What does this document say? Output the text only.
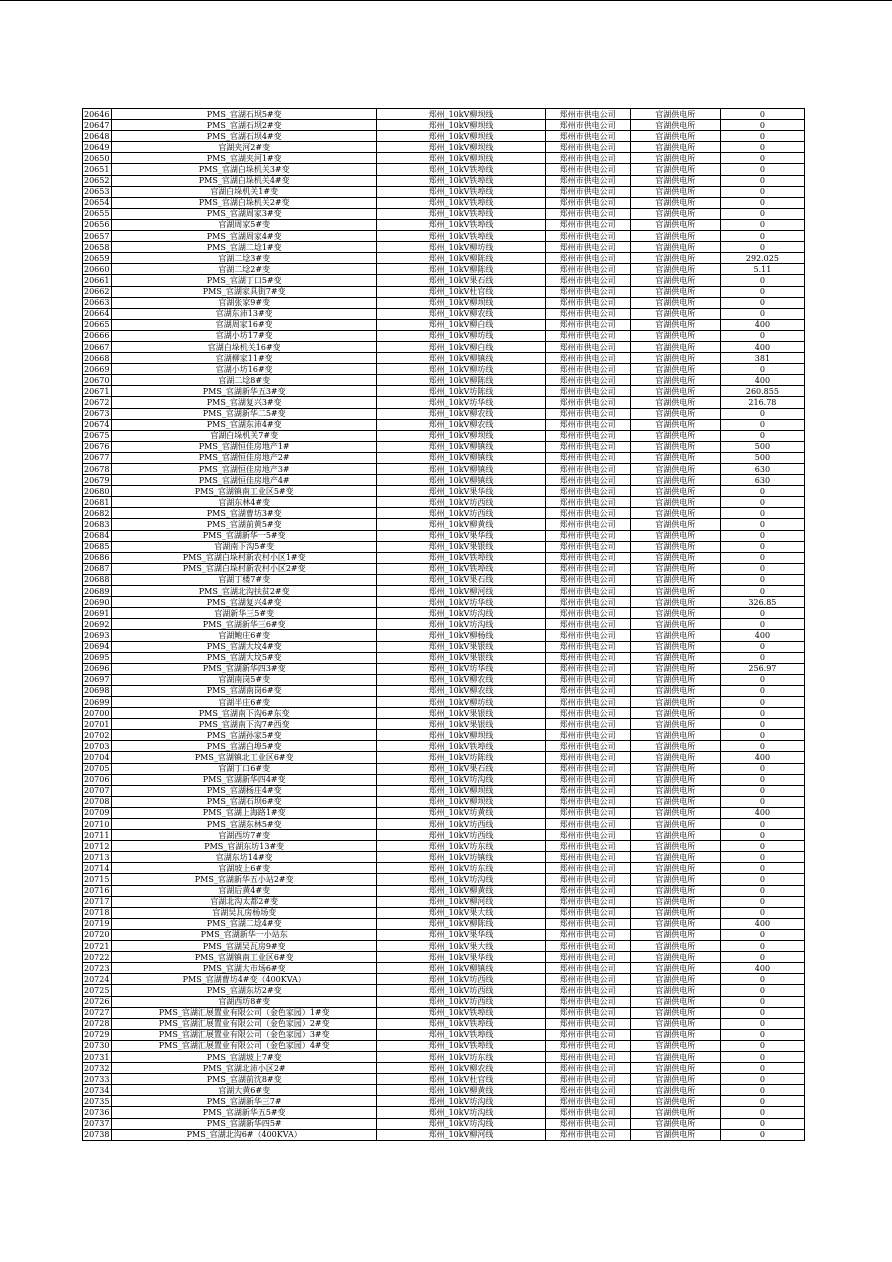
20646	PMS_官湖石坝5#变	郑州_10kV柳坝线	郑州市供电公司	官湖供电所	0
20647	PMS_官湖石坝2#变	郑州_10kV柳坝线	郑州市供电公司	官湖供电所	0
20648	PMS_官湖石坝4#变	郑州_10kV柳坝线	郑州市供电公司	官湖供电所	0
20649	官湖夹河2#变	郑州_10kV柳坝线	郑州市供电公司	官湖供电所	0
20650	PMS_官湖夹河1#变	郑州_10kV柳坝线	郑州市供电公司	官湖供电所	0
20651	PMS_官湖白垛机关3#变	郑州_10kV铁埠线	郑州市供电公司	官湖供电所	0
20652	PMS_官湖白垛机关4#变	郑州_10kV铁埠线	郑州市供电公司	官湖供电所	0
20653	官湖白垛机关1#变	郑州_10kV铁埠线	郑州市供电公司	官湖供电所	0
20654	PMS_官湖白垛机关2#变	郑州_10kV铁埠线	郑州市供电公司	官湖供电所	0
20655	PMS_官湖周家3#变	郑州_10kV铁埠线	郑州市供电公司	官湖供电所	0
20656	官湖周家5#变	郑州_10kV铁埠线	郑州市供电公司	官湖供电所	0
20657	PMS_官湖周家4#变	郑州_10kV铁埠线	郑州市供电公司	官湖供电所	0
20658	PMS_官湖二埝1#变	郑州_10kV柳坊线	郑州市供电公司	官湖供电所	0
20659	官湖二埝3#变	郑州_10kV柳陈线	郑州市供电公司	官湖供电所	292.025
20660	官湖二埝2#变	郑州_10kV柳陈线	郑州市供电公司	官湖供电所	5.11
20661	PMS_官湖丁口5#变	郑州_10kV果石线	郑州市供电公司	官湖供电所	0
20662	PMS_官湖家具街7#变	郑州_10kV杜官线	郑州市供电公司	官湖供电所	0
20663	官湖张家9#变	郑州_10kV柳坝线	郑州市供电公司	官湖供电所	0
20664	官湖东沛13#变	郑州_10kV柳农线	郑州市供电公司	官湖供电所	0
20665	官湖周家16#变	郑州_10kV柳白线	郑州市供电公司	官湖供电所	400
20666	官湖小坊17#变	郑州_10kV柳坊线	郑州市供电公司	官湖供电所	0
20667	官湖白垛机关16#变	郑州_10kV柳白线	郑州市供电公司	官湖供电所	400
20668	官湖柳家11#变	郑州_10kV柳镇线	郑州市供电公司	官湖供电所	381
20669	官湖小坊16#变	郑州_10kV柳坊线	郑州市供电公司	官湖供电所	0
20670	官湖二埝8#变	郑州_10kV柳陈线	郑州市供电公司	官湖供电所	400
20671	PMS_官湖新华五3#变	郑州_10kV坊陈线	郑州市供电公司	官湖供电所	260.855
20672	PMS_官湖复兴3#变	郑州_10kV坊华线	郑州市供电公司	官湖供电所	216.78
20673	PMS_官湖新华二5#变	郑州_10kV柳农线	郑州市供电公司	官湖供电所	0
20674	PMS_官湖东沛4#变	郑州_10kV柳农线	郑州市供电公司	官湖供电所	0
20675	官湖白垛机关7#变	郑州_10kV柳坝线	郑州市供电公司	官湖供电所	0
20676	PMS_官湖恒佳房地产1#	郑州_10kV柳镇线	郑州市供电公司	官湖供电所	500
20677	PMS_官湖恒佳房地产2#	郑州_10kV柳镇线	郑州市供电公司	官湖供电所	500
20678	PMS_官湖恒佳房地产3#	郑州_10kV柳镇线	郑州市供电公司	官湖供电所	630
20679	PMS_官湖恒佳房地产4#	郑州_10kV柳镇线	郑州市供电公司	官湖供电所	630
20680	PMS_官湖镇南工业区5#变	郑州_10kV果华线	郑州市供电公司	官湖供电所	0
20681	官湖东林4#变	郑州_10kV坊西线	郑州市供电公司	官湖供电所	0
20682	PMS_官湖曹坊3#变	郑州_10kV坊西线	郑州市供电公司	官湖供电所	0
20683	PMS_官湖前黄5#变	郑州_10kV柳黄线	郑州市供电公司	官湖供电所	0
20684	PMS_官湖新华一5#变	郑州_10kV果华线	郑州市供电公司	官湖供电所	0
20685	官湖南下沟5#变	郑州_10kV果银线	郑州市供电公司	官湖供电所	0
20686	PMS_官湖白垛村新农村小区1#变	郑州_10kV铁埠线	郑州市供电公司	官湖供电所	0
20687	PMS_官湖白垛村新农村小区2#变	郑州_10kV铁埠线	郑州市供电公司	官湖供电所	0
20688	官湖丁楼7#变	郑州_10kV果石线	郑州市供电公司	官湖供电所	0
20689	PMS_官湖北沟扶贫2#变	郑州_10kV柳河线	郑州市供电公司	官湖供电所	0
20690	PMS_官湖复兴4#变	郑州_10kV坊华线	郑州市供电公司	官湖供电所	326.85
20691	官湖新华三5#变	郑州_10kV坊沟线	郑州市供电公司	官湖供电所	0
20692	PMS_官湖新华三6#变	郑州_10kV坊沟线	郑州市供电公司	官湖供电所	0
20693	官湖鲍庄6#变	郑州_10kV柳杨线	郑州市供电公司	官湖供电所	400
20694	PMS_官湖大坟4#变	郑州_10kV果银线	郑州市供电公司	官湖供电所	0
20695	PMS_官湖大坟5#变	郑州_10kV果银线	郑州市供电公司	官湖供电所	0
20696	PMS_官湖新华四3#变	郑州_10kV坊华线	郑州市供电公司	官湖供电所	256.97
20697	官湖南岗5#变	郑州_10kV柳农线	郑州市供电公司	官湖供电所	0
20698	PMS_官湖南岗6#变	郑州_10kV柳农线	郑州市供电公司	官湖供电所	0
20699	官湖半庄6#变	郑州_10kV柳坊线	郑州市供电公司	官湖供电所	0
20700	PMS_官湖南下沟6#东变	郑州_10kV果银线	郑州市供电公司	官湖供电所	0
20701	PMS_官湖南下沟7#西变	郑州_10kV果银线	郑州市供电公司	官湖供电所	0
20702	PMS_官湖孙家5#变	郑州_10kV柳坝线	郑州市供电公司	官湖供电所	0
20703	PMS_官湖白埠5#变	郑州_10kV铁埠线	郑州市供电公司	官湖供电所	0
20704	PMS_官湖镇北工业区6#变	郑州_10kV坊陈线	郑州市供电公司	官湖供电所	400
20705	官湖丁口6#变	郑州_10kV果石线	郑州市供电公司	官湖供电所	0
20706	PMS_官湖新华四4#变	郑州_10kV坊沟线	郑州市供电公司	官湖供电所	0
20707	PMS_官湖杨庄4#变	郑州_10kV柳坝线	郑州市供电公司	官湖供电所	0
20708	PMS_官湖石坝6#变	郑州_10kV柳坝线	郑州市供电公司	官湖供电所	0
20709	PMS_官湖上海路1#变	郑州_10kV坊黄线	郑州市供电公司	官湖供电所	400
20710	PMS_官湖东林5#变	郑州_10kV坊西线	郑州市供电公司	官湖供电所	0
20711	官湖西坊7#变	郑州_10kV坊西线	郑州市供电公司	官湖供电所	0
20712	PMS_官湖东坊13#变	郑州_10kV坊东线	郑州市供电公司	官湖供电所	0
20713	官湖东坊14#变	郑州_10kV坊镇线	郑州市供电公司	官湖供电所	0
20714	官湖坡上6#变	郑州_10kV坊东线	郑州市供电公司	官湖供电所	0
20715	PMS_官湖新华五小站2#变	郑州_10kV坊沟线	郑州市供电公司	官湖供电所	0
20716	官湖后黄4#变	郑州_10kV柳黄线	郑州市供电公司	官湖供电所	0
20717	官湖北沟太都2#变	郑州_10kV柳河线	郑州市供电公司	官湖供电所	0
20718	官湖吴瓦房杨场变	郑州_10kV果大线	郑州市供电公司	官湖供电所	0
20719	PMS_官湖二埝4#变	郑州_10kV柳陈线	郑州市供电公司	官湖供电所	400
20720	PMS_官湖新华一小站东	郑州_10kV果华线	郑州市供电公司	官湖供电所	0
20721	PMS_官湖吴瓦房9#变	郑州_10kV果大线	郑州市供电公司	官湖供电所	0
20722	PMS_官湖镇南工业区6#变	郑州_10kV果华线	郑州市供电公司	官湖供电所	0
20723	PMS_官湖大市场6#变	郑州_10kV柳镇线	郑州市供电公司	官湖供电所	400
20724	PMS_官湖曹坊4#变（400KVA）	郑州_10kV坊西线	郑州市供电公司	官湖供电所	0
20725	PMS_官湖东坊2#变	郑州_10kV坊西线	郑州市供电公司	官湖供电所	0
20726	官湖西坊8#变	郑州_10kV坊西线	郑州市供电公司	官湖供电所	0
20727	PMS_官湖汇展置业有限公司（金色家园）1#变	郑州_10kV铁埠线	郑州市供电公司	官湖供电所	0
20728	PMS_官湖汇展置业有限公司（金色家园）2#变	郑州_10kV铁埠线	郑州市供电公司	官湖供电所	0
20729	PMS_官湖汇展置业有限公司（金色家园）3#变	郑州_10kV铁埠线	郑州市供电公司	官湖供电所	0
20730	PMS_官湖汇展置业有限公司（金色家园）4#变	郑州_10kV铁埠线	郑州市供电公司	官湖供电所	0
20731	PMS_官湖坡上7#变	郑州_10kV坊东线	郑州市供电公司	官湖供电所	0
20732	PMS_官湖北沛小区2#	郑州_10kV柳农线	郑州市供电公司	官湖供电所	0
20733	PMS_官湖前沈8#变	郑州_10kV杜官线	郑州市供电公司	官湖供电所	0
20734	官湖大黄6#变	郑州_10kV柳黄线	郑州市供电公司	官湖供电所	0
20735	PMS_官湖新华三7#	郑州_10kV坊沟线	郑州市供电公司	官湖供电所	0
20736	PMS_官湖新华五5#变	郑州_10kV坊沟线	郑州市供电公司	官湖供电所	0
20737	PMS_官湖新华四5#	郑州_10kV坊沟线	郑州市供电公司	官湖供电所	0
20738	PMS_官湖北沟6#（400KVA）	郑州_10kV柳河线	郑州市供电公司	官湖供电所	0
